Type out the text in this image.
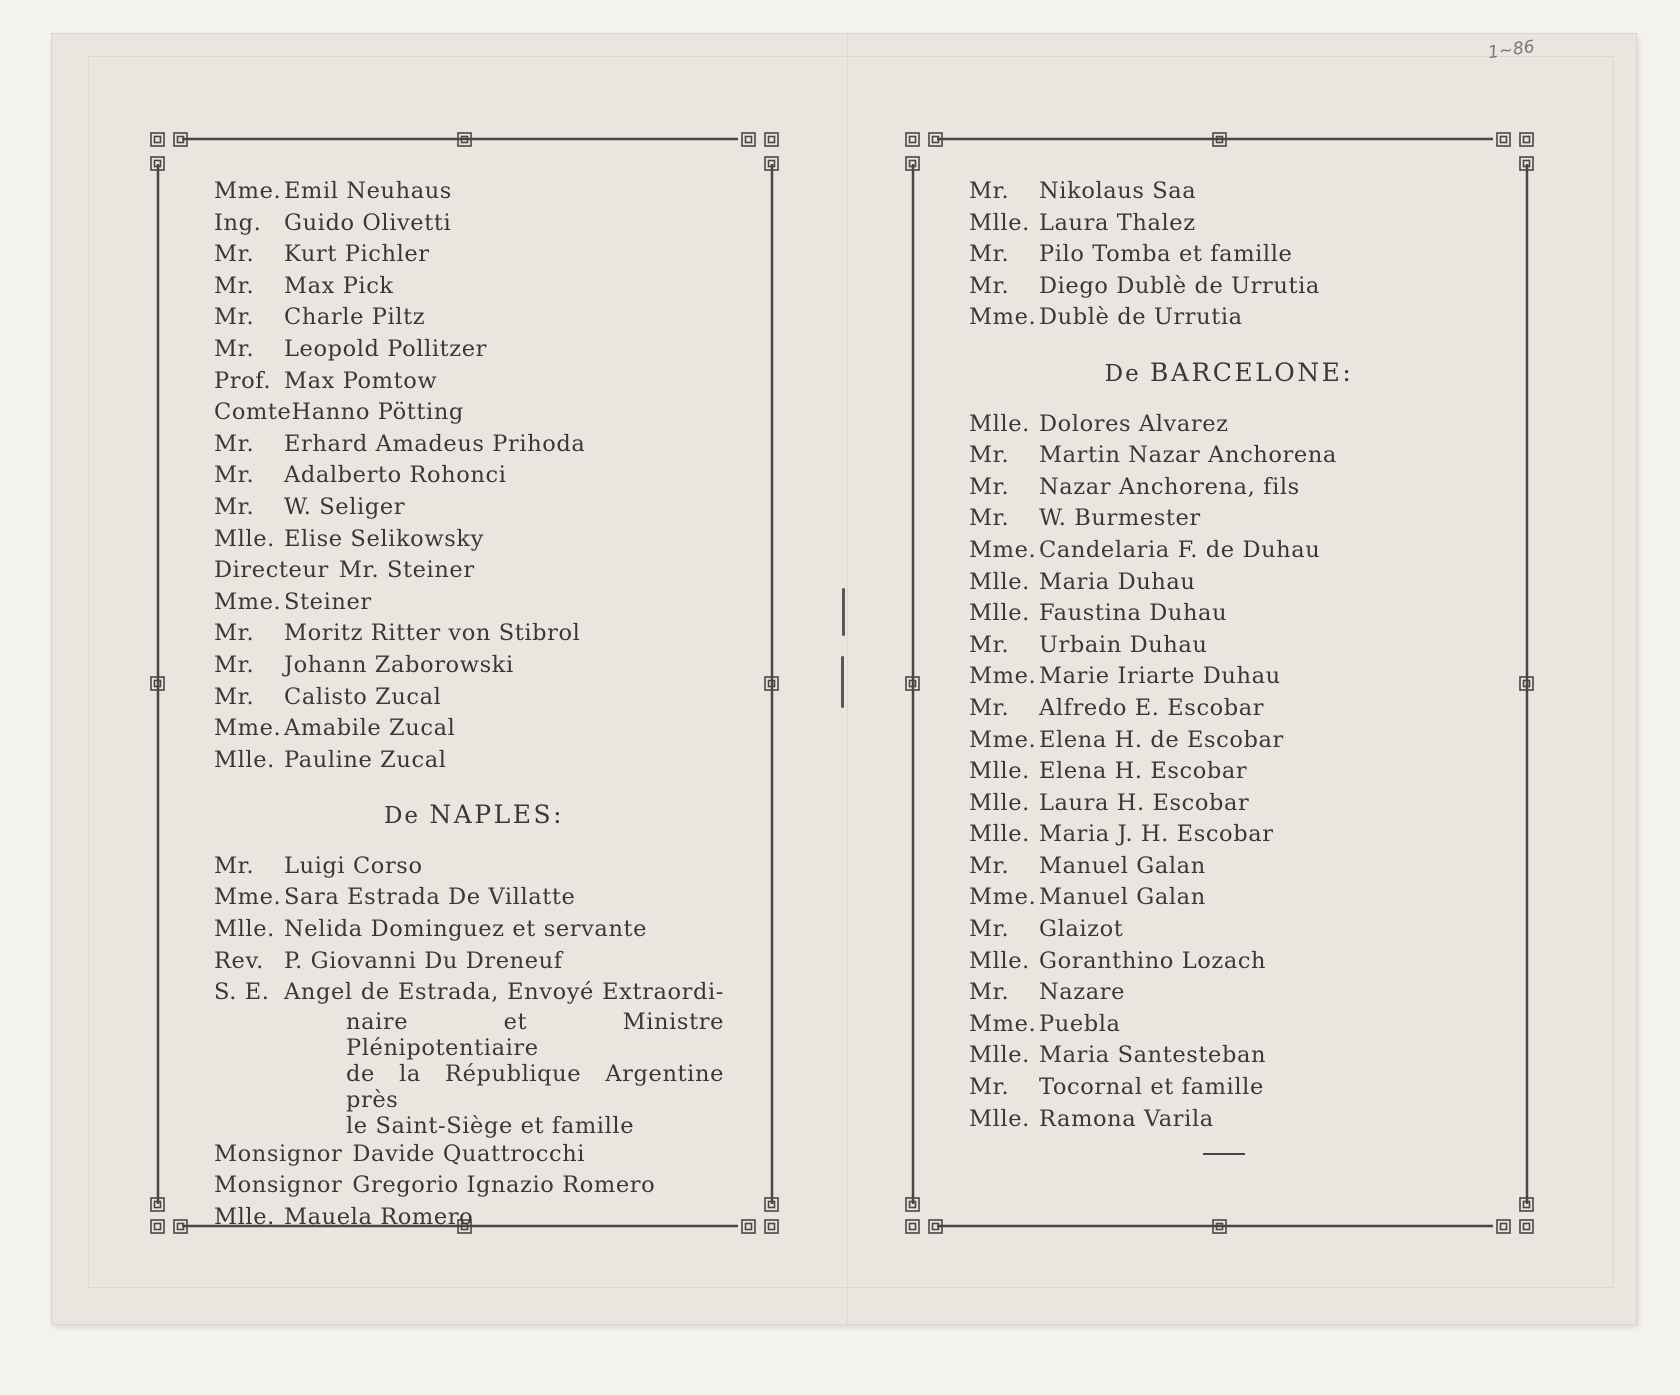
1~86
Mme. Emil Neuhaus
Ing.	Guido Olivetti
Mr.	Kurt Pichler
Mr.	Max Pick
Mr.	Charle Piltz
Mr.	Leopold Pollitzer
Prof. Max Pomtow
Comte Hanno Pötting
Mr.	Erhard Amadeus Prihoda
Mr.	Adalberto Rohonci
Mr.	W. Seliger
Mlle. Elise Selikowsky
Directeur Mr. Steiner
Mme. Steiner
Mr.	Moritz Ritter von Stibrol
Mr.	Johann Zaborowski
Mr.	Calisto Zucal
Mme. Amabile Zucal
Mlle. Pauline Zucal
De NAPLES:
Mr.	Luigi Corso
Mme. Sara Estrada De Villatte
Mlle. Nelida Dominguez et servante
Rev. P. Giovanni Du Dreneuf
S. E. Angel de Estrada, Envoyé Extraordi-
naire et Ministre Plénipotentiaire
de la République Argentine près
le Saint-Siège et famille
Monsignor Davide Quattrocchi
Monsignor Gregorio Ignazio Romero
Mlle. Mauela Romero
Mr.	Nikolaus Saa
Mlle. Laura Thalez
Mr.	Pilo Tomba et famille
Mr.	Diego Dublè de Urrutia
Mme. Dublè de Urrutia
De BARCELONE:
Mlle. Dolores Alvarez
Mr.	Martin Nazar Anchorena
Mr.	Nazar Anchorena, fils
Mr.	W. Burmester
Mme. Candelaria F. de Duhau
Mlle. Maria Duhau
Mlle. Faustina Duhau
Mr.	Urbain Duhau
Mme. Marie Iriarte Duhau
Mr.	Alfredo E. Escobar
Mme. Elena H. de Escobar
Mlle. Elena H. Escobar
Mlle. Laura H. Escobar
Mlle. Maria J. H. Escobar
Mr.	Manuel Galan
Mme. Manuel Galan
Mr.	Glaizot
Mlle. Goranthino Lozach
Mr.	Nazare
Mme. Puebla
Mlle. Maria Santesteban
Mr.	Tocornal et famille
Mlle. Ramona Varila
